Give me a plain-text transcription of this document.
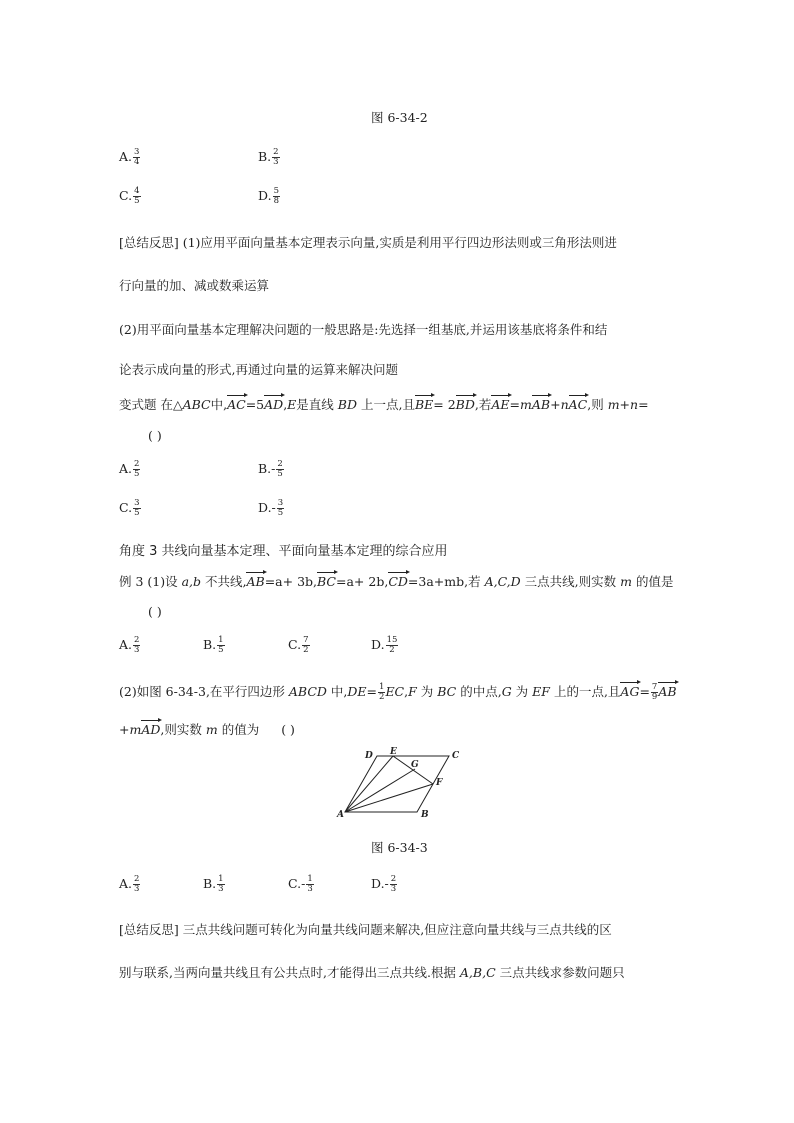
图 6-34-2
A. $\frac{3}{4}$	B. $\frac{2}{3}$
C. $\frac{4}{5}$	D. $\frac{5}{8}$
[总结反思] (1)应用平面向量基本定理表示向量,实质是利用平行四边形法则或三角形法则进
行向量的加、减或数乘运算
(2)用平面向量基本定理解决问题的一般思路是:先选择一组基底,并运用该基底将条件和结
论表示成向量的形式,再通过向量的运算来解决问题
变式题 在△ABC中,AC=5AD,E是直线 BD 上一点,且BE= 2BD,若AE=mAB+nAC,则 m+n=
( )
A. $\frac{2}{5}$	$B.- \frac{2}{5}$
C. $\frac{3}{5}$	$D.- \frac{3}{5}$
角度 3 共线向量基本定理、平面向量基本定理的综合应用
例 3 (1)设 a,b 不共线,AB=a+ 3b,BC=a+ 2b,CD=3a+mb,若 A,C,D 三点共线,则实数 m 的值是
( )
A. $\frac{2}{3}$	B. $\frac{1}{5}$	C. $\frac{7}{2}$	D. $\frac{15}{2}$
(2)如图 6-34-3,在平行四边形 ABCD 中$,DE= \frac{1}{2} EC,F$ 为 BC 的中点,G 为 EF 上的一点,且$AG= \frac{7}{9}$ AB
+mAD,则实数 m 的值为 ( )
A	B
C
D E
F
G
图 6-34-3
A. $\frac{2}{3}$	B. $\frac{1}{3}$	$C.- \frac{1}{3}$	$D.- \frac{2}{3}$
[总结反思] 三点共线问题可转化为向量共线问题来解决,但应注意向量共线与三点共线的区
别与联系,当两向量共线且有公共点时,才能得出三点共线.根据 A,B,C 三点共线求参数问题只
